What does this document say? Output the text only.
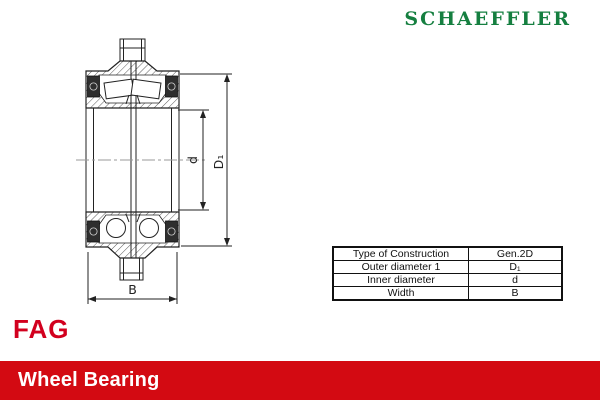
SCHAEFFLER
d D₁
B
Type of Construction	Gen.2D
Outer diameter 1	D₁
Inner diameter	d
Width	B
FAG
Wheel Bearing
